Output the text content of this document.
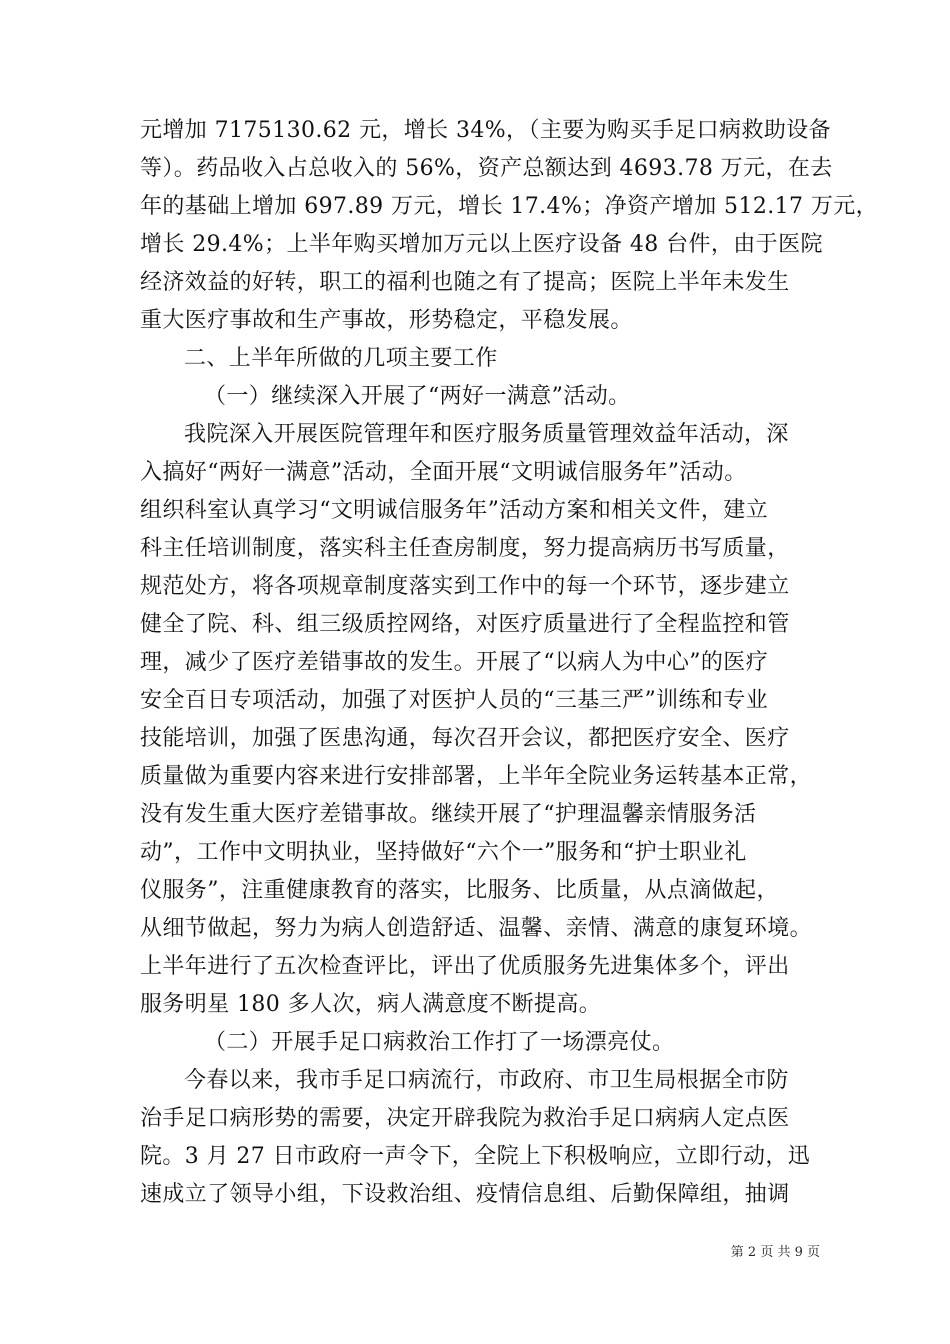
元增加 7175130.62 元，增长 34%，（主要为购买手足口病救助设备
等）。药品收入占总收入的 56%，资产总额达到 4693.78 万元，在去
年的基础上增加 697.89 万元，增长 17.4%；净资产增加 512.17 万元，
增长 29.4%；上半年购买增加万元以上医疗设备 48 台件，由于医院
经济效益的好转，职工的福利也随之有了提高；医院上半年未发生
重大医疗事故和生产事故，形势稳定，平稳发展。
二、上半年所做的几项主要工作
（一）继续深入开展了“两好一满意”活动。
我院深入开展医院管理年和医疗服务质量管理效益年活动，深
入搞好“两好一满意”活动，全面开展“文明诚信服务年”活动。
组织科室认真学习“文明诚信服务年”活动方案和相关文件，建立
科主任培训制度，落实科主任查房制度，努力提高病历书写质量，
规范处方，将各项规章制度落实到工作中的每一个环节，逐步建立
健全了院、科、组三级质控网络，对医疗质量进行了全程监控和管
理，减少了医疗差错事故的发生。开展了“以病人为中心”的医疗
安全百日专项活动，加强了对医护人员的“三基三严”训练和专业
技能培训，加强了医患沟通，每次召开会议，都把医疗安全、医疗
质量做为重要内容来进行安排部署，上半年全院业务运转基本正常，
没有发生重大医疗差错事故。继续开展了“护理温馨亲情服务活
动”，工作中文明执业，坚持做好“六个一”服务和“护士职业礼
仪服务”，注重健康教育的落实，比服务、比质量，从点滴做起，
从细节做起，努力为病人创造舒适、温馨、亲情、满意的康复环境。
上半年进行了五次检查评比，评出了优质服务先进集体多个，评出
服务明星 180 多人次，病人满意度不断提高。
（二）开展手足口病救治工作打了一场漂亮仗。
今春以来，我市手足口病流行，市政府、市卫生局根据全市防
治手足口病形势的需要，决定开辟我院为救治手足口病病人定点医
院。3 月 27 日市政府一声令下，全院上下积极响应，立即行动，迅
速成立了领导小组，下设救治组、疫情信息组、后勤保障组，抽调
第 2 页 共 9 页
